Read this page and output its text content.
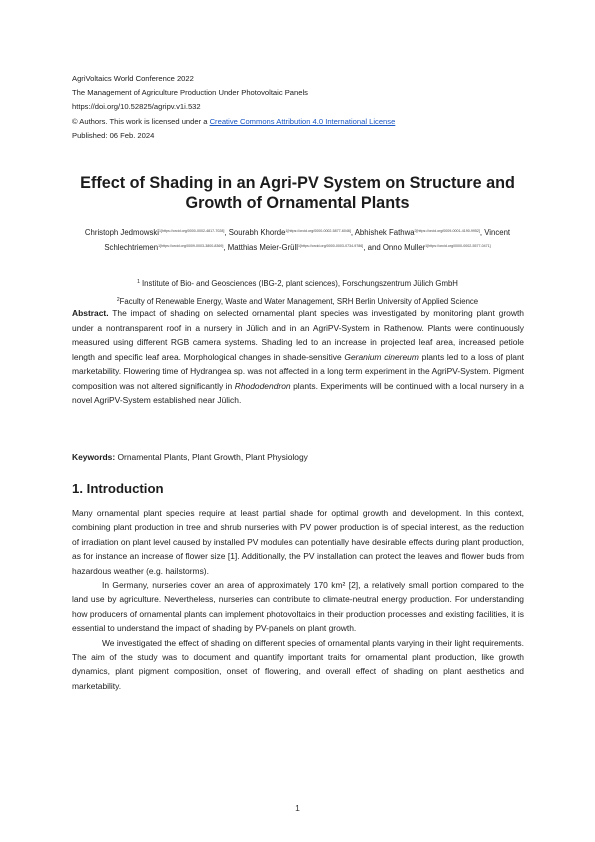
AgriVoltaics World Conference 2022
The Management of Agriculture Production Under Photovoltaic Panels
https://doi.org/10.52825/agripv.v1i.532
© Authors. This work is licensed under a Creative Commons Attribution 4.0 International License
Published: 06 Feb. 2024
Effect of Shading in an Agri-PV System on Structure and Growth of Ornamental Plants
Christoph Jedmowski$^{1[https://orcid.org/0000-0002-4817-7028]}$, Sourabh Khorde$^{1[https://orcid.org/0000-0002-5877-6046]}$, Abhishek Fathwa$^{2[https://orcid.org/0009-0001-4190-9952]}$, Vincent Schlechtriemen$^{1[https://orcid.org/0009-0003-3800-8369]}$, Matthias Meier-Grüll$^{1[https://orcid.org/0000-0003-0734-9786]}$, and Onno Muller$^{1[https://orcid.org/0000-0002-5577-0471]}$
$^1$ Institute of Bio- and Geosciences (IBG-2, plant sciences), Forschungszentrum Jülich GmbH
$^2$Faculty of Renewable Energy, Waste and Water Management, SRH Berlin University of Applied Science
Abstract. The impact of shading on selected ornamental plant species was investigated by monitoring plant growth under a nontransparent roof in a nursery in Jülich and in an AgriPV-System in Rathenow. Plants were continuously measured using different RGB camera systems. Shading led to an increase in projected leaf area, increased petiole length and specific leaf area. Morphological changes in shade-sensitive Geranium cinereum plants led to a loss of plant marketability. Flowering time of Hydrangea sp. was not affected in a long term experiment in the AgriPV-System. Pigment composition was not altered significantly in Rhododendron plants. Experiments will be continued with a local nursery in a novel AgriPV-System established near Jülich.
Keywords: Ornamental Plants, Plant Growth, Plant Physiology
1. Introduction

Many ornamental plant species require at least partial shade for optimal growth and development. In this context, combining plant production in tree and shrub nurseries with PV power production is of special interest, as the reduction of irradiation on plant level caused by installed PV modules can potentially have desirable effects during plant production, as for instance an increase of flower size [1]. Additionally, the PV installation can protect the leaves and flower buds from hazardous weather (e.g. hailstorms).

In Germany, nurseries cover an area of approximately 170 km² [2], a relatively small portion compared to the land use by agriculture. Nevertheless, nurseries can contribute to climate-neutral energy production. For understanding how producers of ornamental plants can implement photovoltaics in their production processes and existing facilities, it is essential to understand the impact of shading by PV-panels on plant growth.

We investigated the effect of shading on different species of ornamental plants varying in their light requirements. The aim of the study was to document and quantify important traits for ornamental plant production, like growth dynamics, plant pigment composition, onset of flowering, and overall effect of shading on plant aesthetics and marketability.

1
